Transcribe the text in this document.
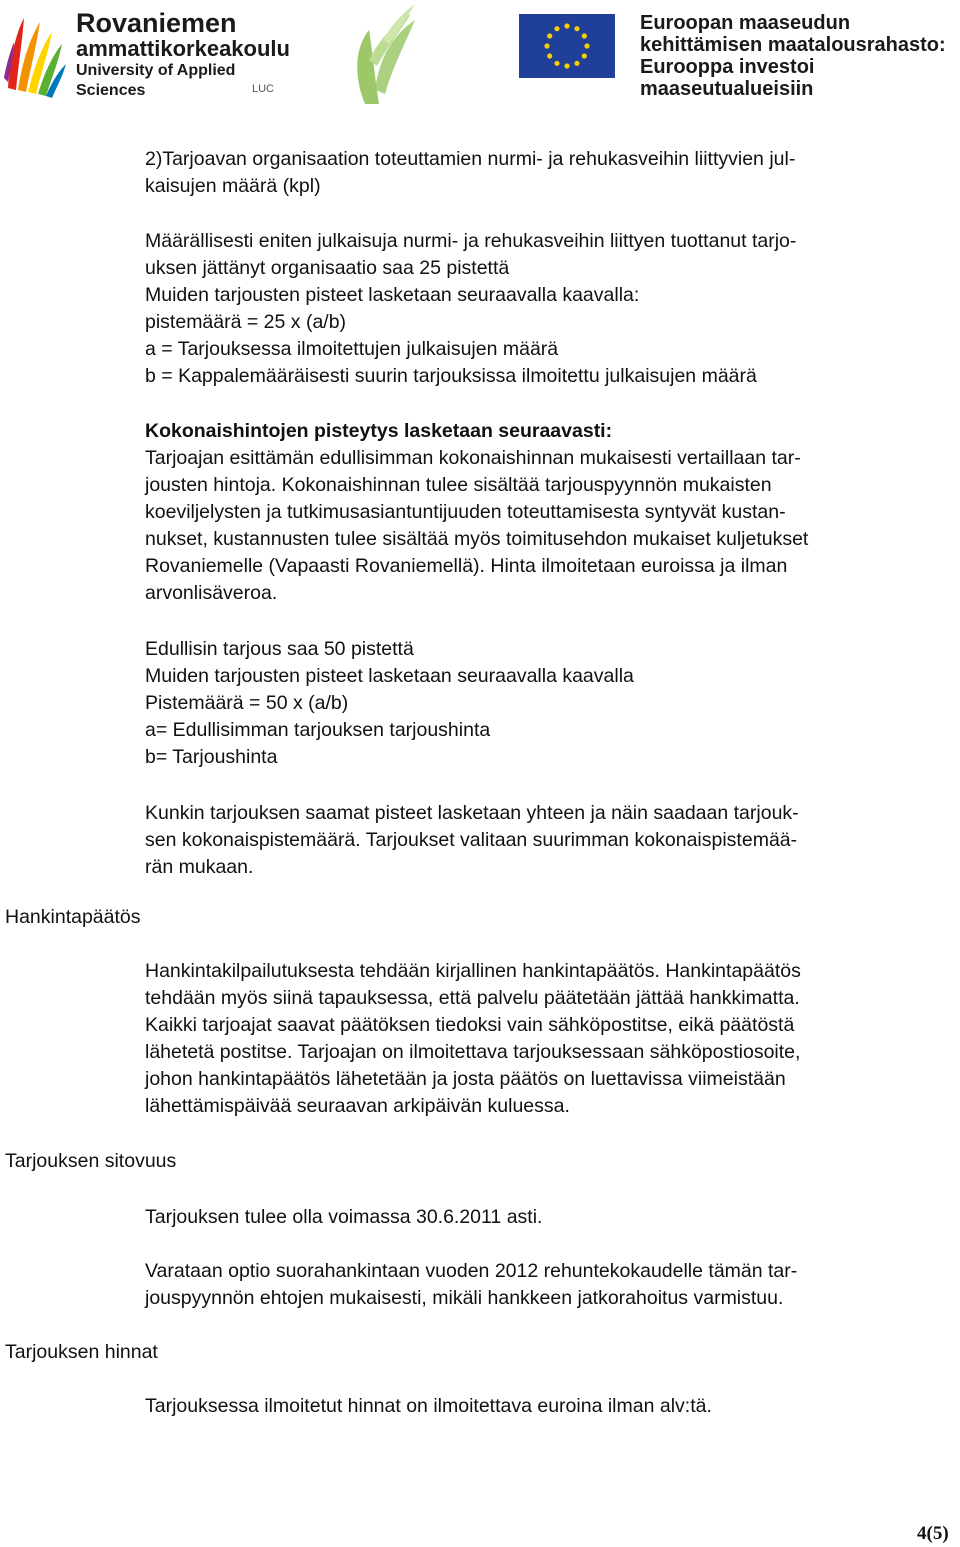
Rovaniemen
ammattikorkeakoulu
University of Applied Sciences	LUC
Euroopan maaseudun
kehittämisen maatalousrahasto:
Eurooppa investoi maaseutualueisiin
Hankintapäätös
Tarjouksen sitovuus
Tarjouksen hinnat
2)Tarjoavan organisaation toteuttamien nurmi- ja rehukasveihin liittyvien jul-
kaisujen määrä (kpl)
Määrällisesti eniten julkaisuja nurmi- ja rehukasveihin liittyen tuottanut tarjo-
uksen jättänyt organisaatio saa 25 pistettä
Muiden tarjousten pisteet lasketaan seuraavalla kaavalla:
pistemäärä = 25 x (a/b)
a = Tarjouksessa ilmoitettujen julkaisujen määrä
b = Kappalemääräisesti suurin tarjouksissa ilmoitettu julkaisujen määrä
Kokonaishintojen pisteytys lasketaan seuraavasti:
Tarjoajan esittämän edullisimman kokonaishinnan mukaisesti vertaillaan tar-
jousten hintoja. Kokonaishinnan tulee sisältää tarjouspyynnön mukaisten
koeviljelysten ja tutkimusasiantuntijuuden toteuttamisesta syntyvät kustan-
nukset, kustannusten tulee sisältää myös toimitusehdon mukaiset kuljetukset
Rovaniemelle (Vapaasti Rovaniemellä). Hinta ilmoitetaan euroissa ja ilman
arvonlisäveroa.
Edullisin tarjous saa 50 pistettä
Muiden tarjousten pisteet lasketaan seuraavalla kaavalla
Pistemäärä = 50 x (a/b)
a= Edullisimman tarjouksen tarjoushinta
b= Tarjoushinta
Kunkin tarjouksen saamat pisteet lasketaan yhteen ja näin saadaan tarjouk-
sen kokonaispistemäärä. Tarjoukset valitaan suurimman kokonaispistemää-
rän mukaan.
Hankintakilpailutuksesta tehdään kirjallinen hankintapäätös. Hankintapäätös
tehdään myös siinä tapauksessa, että palvelu päätetään jättää hankkimatta.
Kaikki tarjoajat saavat päätöksen tiedoksi vain sähköpostitse, eikä päätöstä
lähetetä postitse. Tarjoajan on ilmoitettava tarjouksessaan sähköpostiosoite,
johon hankintapäätös lähetetään ja josta päätös on luettavissa viimeistään
lähettämispäivää seuraavan arkipäivän kuluessa.
Tarjouksen tulee olla voimassa 30.6.2011 asti.
Varataan optio suorahankintaan vuoden 2012 rehuntekokaudelle tämän tar-
jouspyynnön ehtojen mukaisesti, mikäli hankkeen jatkorahoitus varmistuu.
Tarjouksessa ilmoitetut hinnat on ilmoitettava euroina ilman alv:tä.
4(5)
